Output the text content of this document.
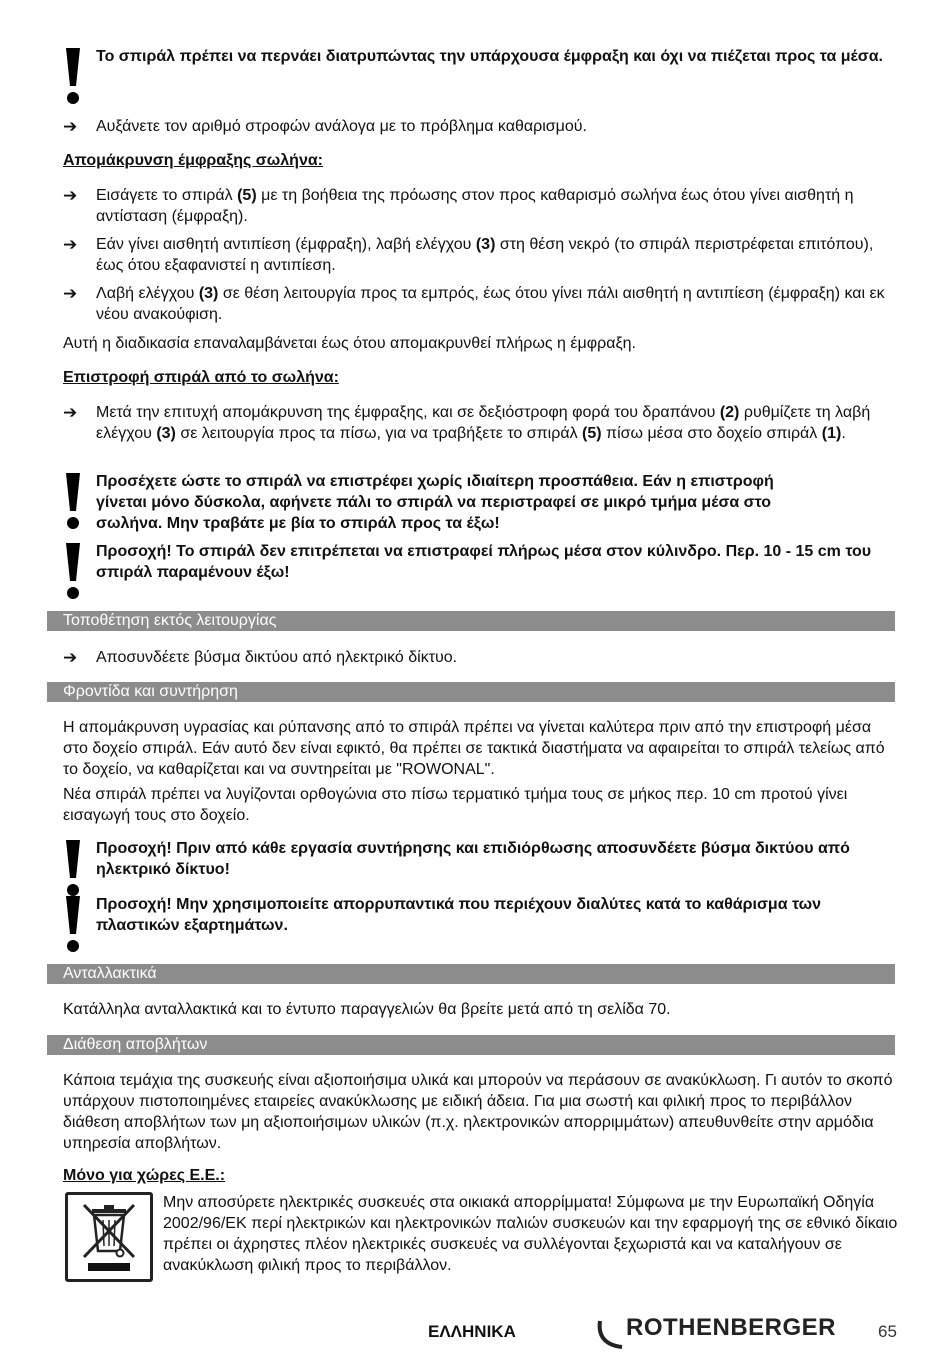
Το σπιράλ πρέπει να περνάει διατρυπώντας την υπάρχουσα έμφραξη και όχι να πιέζεται προς τα μέσα.
➔	Αυξάνετε τον αριθμό στροφών ανάλογα με το πρόβλημα καθαρισμού.
Απομάκρυνση έμφραξης σωλήνα:
➔	Εισάγετε το σπιράλ (5) με τη βοήθεια της πρόωσης στον προς καθαρισμό σωλήνα έως ότου γίνει αισθητή η αντίσταση (έμφραξη).
➔	Εάν γίνει αισθητή αντιπίεση (έμφραξη), λαβή ελέγχου (3) στη θέση νεκρό (το σπιράλ περιστρέφεται επιτόπου), έως ότου εξαφανιστεί η αντιπίεση.
➔	Λαβή ελέγχου (3) σε θέση λειτουργία προς τα εμπρός, έως ότου γίνει πάλι αισθητή η αντιπίεση (έμφραξη) και εκ νέου ανακούφιση.
Αυτή η διαδικασία επαναλαμβάνεται έως ότου απομακρυνθεί πλήρως η έμφραξη.
Επιστροφή σπιράλ από το σωλήνα:
➔	Μετά την επιτυχή απομάκρυνση της έμφραξης, και σε δεξιόστροφη φορά του δραπάνου (2) ρυθμίζετε τη λαβή ελέγχου (3) σε λειτουργία προς τα πίσω, για να τραβήξετε το σπιράλ (5) πίσω μέσα στο δοχείο σπιράλ (1).
Προσέχετε ώστε το σπιράλ να επιστρέφει χωρίς ιδιαίτερη προσπάθεια. Εάν η επιστροφή γίνεται μόνο δύσκολα, αφήνετε πάλι το σπιράλ να περιστραφεί σε μικρό τμήμα μέσα στο σωλήνα. Μην τραβάτε με βία το σπιράλ προς τα έξω!
Προσοχή! Το σπιράλ δεν επιτρέπεται να επιστραφεί πλήρως μέσα στον κύλινδρο. Περ. 10 - 15 cm του σπιράλ παραμένουν έξω!
Τοποθέτηση εκτός λειτουργίας
➔	Αποσυνδέετε βύσμα δικτύου από ηλεκτρικό δίκτυο.
Φροντίδα και συντήρηση
Η απομάκρυνση υγρασίας και ρύπανσης από το σπιράλ πρέπει να γίνεται καλύτερα πριν από την επιστροφή μέσα στο δοχείο σπιράλ. Εάν αυτό δεν είναι εφικτό, θα πρέπει σε τακτικά διαστήματα να αφαιρείται το σπιράλ τελείως από το δοχείο, να καθαρίζεται και να συντηρείται με "ROWONAL".
Νέα σπιράλ πρέπει να λυγίζονται ορθογώνια στο πίσω τερματικό τμήμα τους σε μήκος περ. 10 cm προτού γίνει εισαγωγή τους στο δοχείο.
Προσοχή! Πριν από κάθε εργασία συντήρησης και επιδιόρθωσης αποσυνδέετε βύσμα δικτύου από ηλεκτρικό δίκτυο!
Προσοχή! Μην χρησιμοποιείτε απορρυπαντικά που περιέχουν διαλύτες κατά το καθάρισμα των πλαστικών εξαρτημάτων.
Ανταλλακτικά
Κατάλληλα ανταλλακτικά και το έντυπο παραγγελιών θα βρείτε μετά από τη σελίδα 70.
Διάθεση αποβλήτων
Κάποια τεμάχια της συσκευής είναι αξιοποιήσιμα υλικά και μπορούν να περάσουν σε ανακύκλωση. Γι αυτόν το σκοπό υπάρχουν πιστοποιημένες εταιρείες ανακύκλωσης με ειδική άδεια. Για μια σωστή και φιλική προς το περιβάλλον διάθεση αποβλήτων των μη αξιοποιήσιμων υλικών (π.χ. ηλεκτρονικών απορριμμάτων) απευθυνθείτε στην αρμόδια υπηρεσία αποβλήτων.
Μόνο για χώρες Ε.Ε.:
Μην αποσύρετε ηλεκτρικές συσκευές στα οικιακά απορρίμματα! Σύμφωνα με την Ευρωπαϊκή Οδηγία 2002/96/ΕΚ περί ηλεκτρικών και ηλεκτρονικών παλιών συσκευών και την εφαρμογή της σε εθνικό δίκαιο πρέπει οι άχρηστες πλέον ηλεκτρικές συσκευές να συλλέγονται ξεχωριστά και να καταλήγουν σε ανακύκλωση φιλική προς το περιβάλλον.
ΕΛΛΗΝΙΚΑ	ROTHENBERGER 65
